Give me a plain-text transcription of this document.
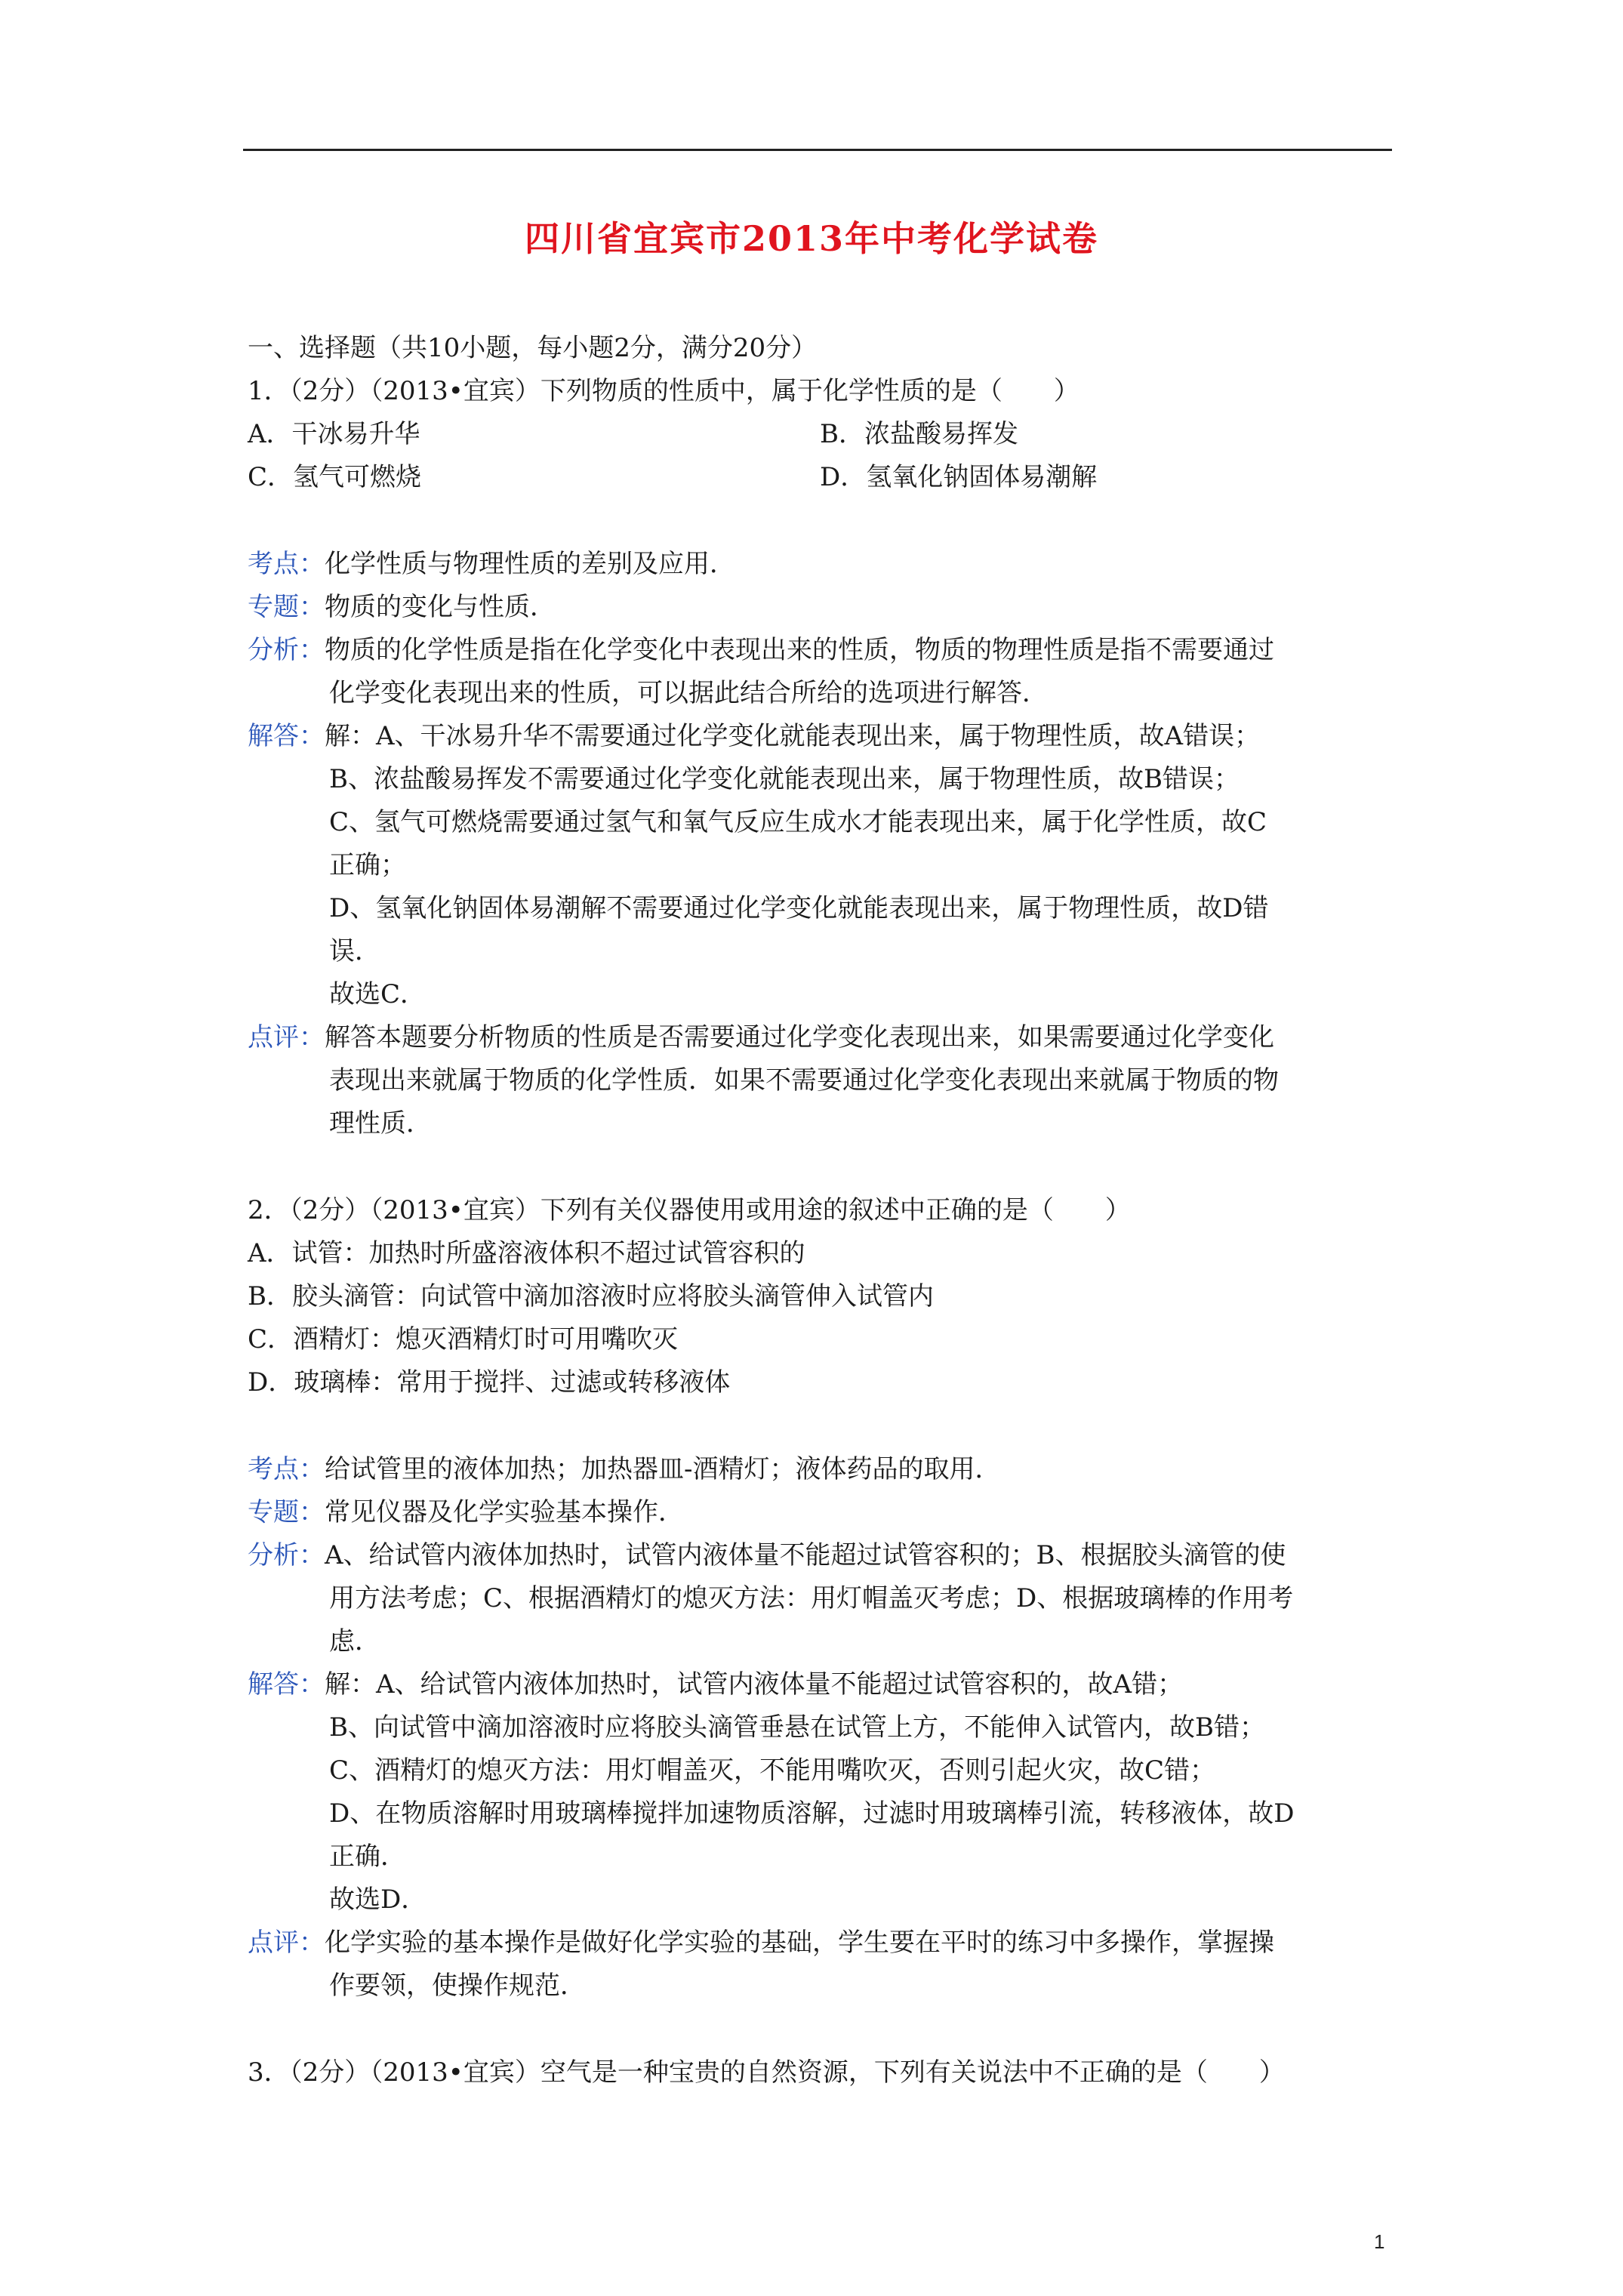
四川省宜宾市2013年中考化学试卷
一、选择题（共10小题，每小题2分，满分20分）
1．（2分）（2013•宜宾）下列物质的性质中，属于化学性质的是（　　）
A．干冰易升华	B．浓盐酸易挥发
C．氢气可燃烧	D．氢氧化钠固体易潮解
考点：化学性质与物理性质的差别及应用．
专题：物质的变化与性质．
分析：物质的化学性质是指在化学变化中表现出来的性质，物质的物理性质是指不需要通过
化学变化表现出来的性质，可以据此结合所给的选项进行解答．
解答：解：A、干冰易升华不需要通过化学变化就能表现出来，属于物理性质，故A错误；
B、浓盐酸易挥发不需要通过化学变化就能表现出来，属于物理性质，故B错误；
C、氢气可燃烧需要通过氢气和氧气反应生成水才能表现出来，属于化学性质，故C
正确；
D、氢氧化钠固体易潮解不需要通过化学变化就能表现出来，属于物理性质，故D错
误．
故选C．
点评：解答本题要分析物质的性质是否需要通过化学变化表现出来，如果需要通过化学变化
表现出来就属于物质的化学性质．如果不需要通过化学变化表现出来就属于物质的物
理性质．
2．（2分）（2013•宜宾）下列有关仪器使用或用途的叙述中正确的是（　　）
A．试管：加热时所盛溶液体积不超过试管容积的
B．胶头滴管：向试管中滴加溶液时应将胶头滴管伸入试管内
C．酒精灯：熄灭酒精灯时可用嘴吹灭
D．玻璃棒：常用于搅拌、过滤或转移液体
考点：给试管里的液体加热；加热器皿-酒精灯；液体药品的取用．
专题：常见仪器及化学实验基本操作．
分析：A、给试管内液体加热时，试管内液体量不能超过试管容积的；B、根据胶头滴管的使
用方法考虑；C、根据酒精灯的熄灭方法：用灯帽盖灭考虑；D、根据玻璃棒的作用考
虑．
解答：解：A、给试管内液体加热时，试管内液体量不能超过试管容积的，故A错；
B、向试管中滴加溶液时应将胶头滴管垂悬在试管上方，不能伸入试管内，故B错；
C、酒精灯的熄灭方法：用灯帽盖灭，不能用嘴吹灭，否则引起火灾，故C错；
D、在物质溶解时用玻璃棒搅拌加速物质溶解，过滤时用玻璃棒引流，转移液体，故D
正确．
故选D．
点评：化学实验的基本操作是做好化学实验的基础，学生要在平时的练习中多操作，掌握操
作要领，使操作规范．
3．（2分）（2013•宜宾）空气是一种宝贵的自然资源，下列有关说法中不正确的是（　　）
1
